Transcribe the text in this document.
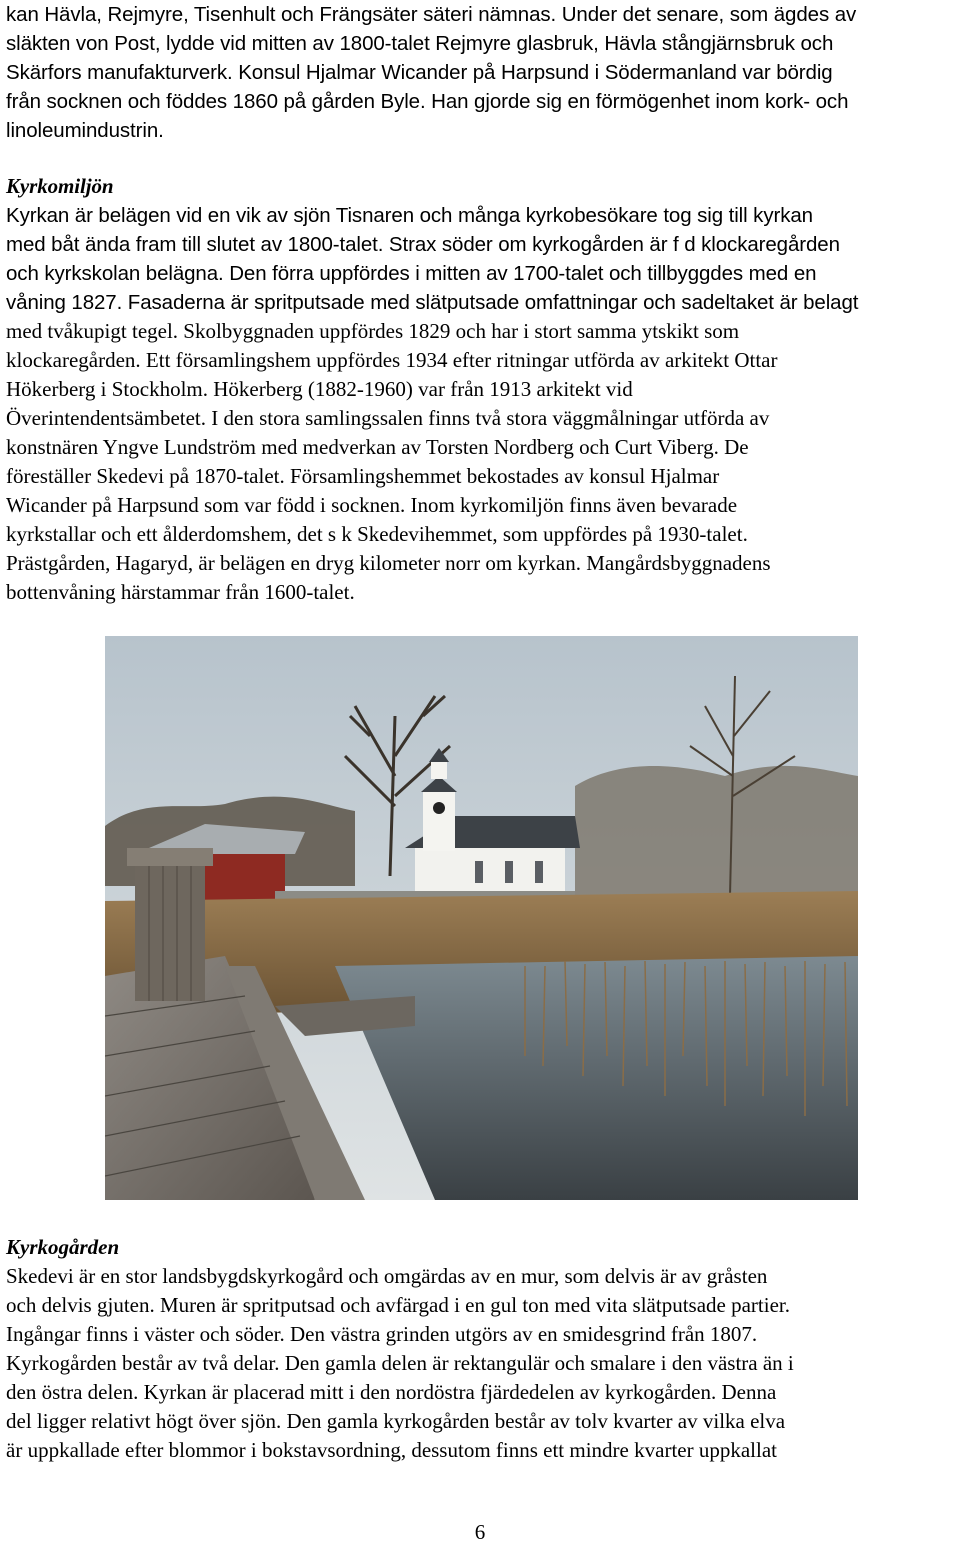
kan Hävla, Rejmyre, Tisenhult och Frängsäter säteri nämnas. Under det senare, som ägdes av
släkten von Post, lydde vid mitten av 1800-talet Rejmyre glasbruk, Hävla stångjärnsbruk och
Skärfors manufakturverk. Konsul Hjalmar Wicander på Harpsund i Södermanland var bördig
från socknen och föddes 1860 på gården Byle. Han gjorde sig en förmögenhet inom kork- och
linoleumindustrin.
Kyrkomiljön
Kyrkan är belägen vid en vik av sjön Tisnaren och många kyrkobesökare tog sig till kyrkan
med båt ända fram till slutet av 1800-talet. Strax söder om kyrkogården är f d klockaregården
och kyrkskolan belägna. Den förra uppfördes i mitten av 1700-talet och tillbyggdes med en
våning 1827. Fasaderna är spritputsade med slätputsade omfattningar och sadeltaket är belagt
med tvåkupigt tegel. Skolbyggnaden uppfördes 1829 och har i stort samma ytskikt som
klockaregården. Ett församlingshem uppfördes 1934 efter ritningar utförda av arkitekt Ottar
Hökerberg i Stockholm. Hökerberg (1882-1960) var från 1913 arkitekt vid
Överintendentsämbetet. I den stora samlingssalen finns två stora väggmålningar utförda av
konstnären Yngve Lundström med medverkan av Torsten Nordberg och Curt Viberg. De
föreställer Skedevi på 1870-talet. Församlingshemmet bekostades av konsul Hjalmar
Wicander på Harpsund som var född i socknen. Inom kyrkomiljön finns även bevarade
kyrkstallar och ett ålderdomshem, det s k Skedevihemmet, som uppfördes på 1930-talet.
Prästgården, Hagaryd, är belägen en dryg kilometer norr om kyrkan. Mangårdsbyggnadens
bottenvåning härstammar från 1600-talet.
Kyrkogården
Skedevi är en stor landsbygdskyrkogård och omgärdas av en mur, som delvis är av gråsten
och delvis gjuten. Muren är spritputsad och avfärgad i en gul ton med vita slätputsade partier.
Ingångar finns i väster och söder. Den västra grinden utgörs av en smidesgrind från 1807.
Kyrkogården består av två delar. Den gamla delen är rektangulär och smalare i den västra än i
den östra delen. Kyrkan är placerad mitt i den nordöstra fjärdedelen av kyrkogården. Denna
del ligger relativt högt över sjön. Den gamla kyrkogården består av tolv kvarter av vilka elva
är uppkallade efter blommor i bokstavsordning, dessutom finns ett mindre kvarter uppkallat
6
